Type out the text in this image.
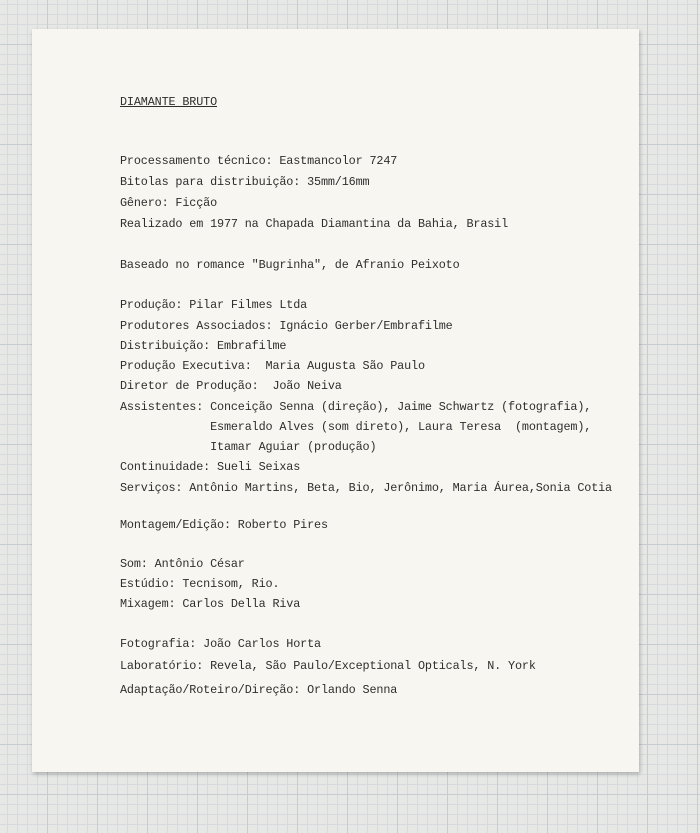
DIAMANTE BRUTO
Processamento técnico: Eastmancolor 7247
Bitolas para distribuição: 35mm/16mm
Gênero: Ficção
Realizado em 1977 na Chapada Diamantina da Bahia, Brasil
Baseado no romance "Bugrinha", de Afranio Peixoto
Produção: Pilar Filmes Ltda
Produtores Associados: Ignácio Gerber/Embrafilme
Distribuição: Embrafilme
Produção Executiva:  Maria Augusta São Paulo
Diretor de Produção:  João Neiva
Assistentes: Conceição Senna (direção), Jaime Schwartz (fotografia),
Esmeraldo Alves (som direto), Laura Teresa  (montagem),
Itamar Aguiar (produção)
Continuidade: Sueli Seixas
Serviços: Antônio Martins, Beta, Bio, Jerônimo, Maria Áurea,Sonia Cotia
Montagem/Edição: Roberto Pires
Som: Antônio César
Estúdio: Tecnisom, Rio.
Mixagem: Carlos Della Riva
Fotografia: João Carlos Horta
Laboratório: Revela, São Paulo/Exceptional Opticals, N. York
Adaptação/Roteiro/Direção: Orlando Senna
